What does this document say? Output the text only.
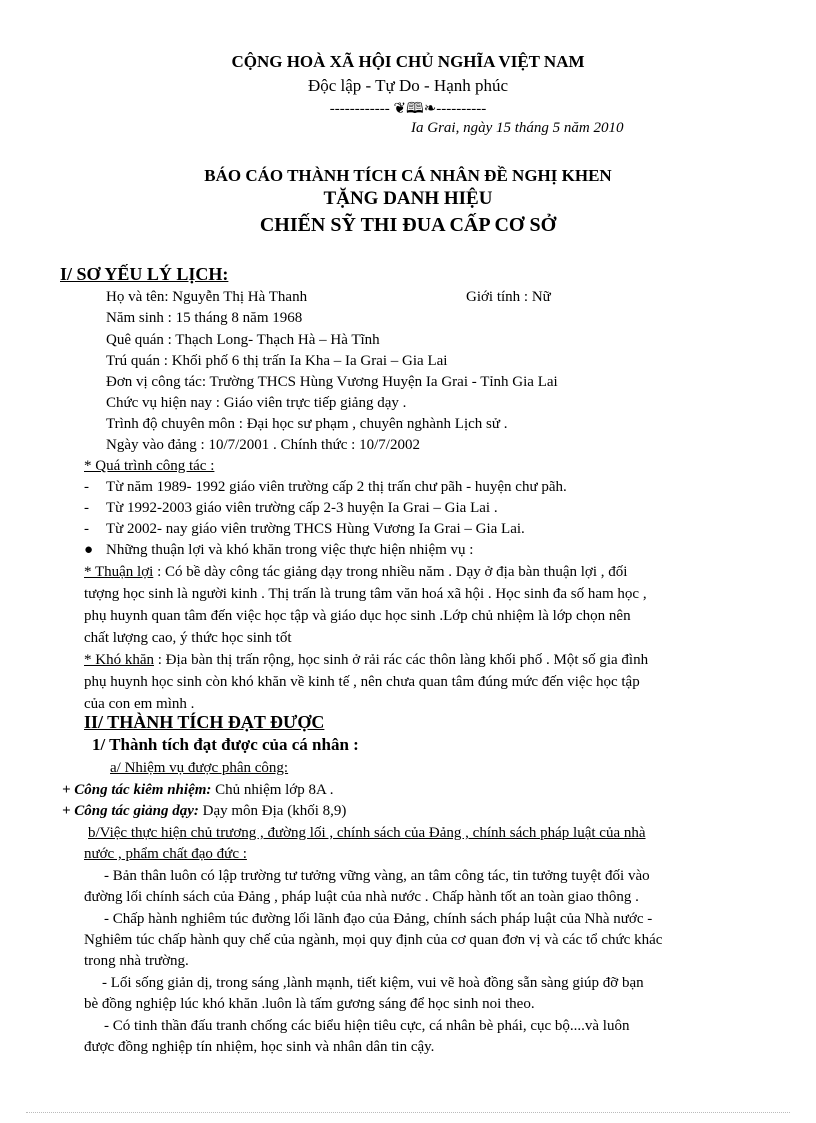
CỘNG HOÀ XÃ HỘI CHỦ NGHĨA VIỆT NAM
Độc lập - Tự Do - Hạnh phúc
------------ ❦🕮❧----------
Ia Grai, ngày 15 tháng 5 năm 2010
BÁO CÁO THÀNH TÍCH CÁ NHÂN ĐỀ NGHỊ KHEN
TẶNG DANH HIỆU
CHIẾN SỸ THI ĐUA CẤP CƠ SỞ
I/ SƠ YẾU LÝ LỊCH:
Họ và tên: Nguyễn Thị Hà Thanh	Giới tính : Nữ
Năm sinh : 15 tháng 8 năm 1968
Quê quán : Thạch Long- Thạch Hà – Hà Tĩnh
Trú quán : Khối phố 6 thị trấn Ia Kha – Ia Grai – Gia Lai
Đơn vị công tác: Trường THCS Hùng Vương Huyện Ia Grai - Tỉnh Gia Lai
Chức vụ hiện nay : Giáo viên trực tiếp giảng dạy .
Trình độ chuyên môn : Đại học sư phạm , chuyên nghành Lịch sử .
Ngày vào đảng : 10/7/2001 . Chính thức : 10/7/2002
* Quá trình công tác :
- Từ năm 1989- 1992 giáo viên trường cấp 2 thị trấn chư pãh - huyện chư pãh.
- Từ 1992-2003 giáo viên trường cấp 2-3 huyện Ia Grai – Gia Lai .
- Từ 2002- nay giáo viên trường THCS Hùng Vương Ia Grai – Gia Lai.
● Những thuận lợi và khó khăn trong việc thực hiện nhiệm vụ :
* Thuận lợi : Có bề dày công tác giảng dạy trong nhiều năm . Dạy ở địa bàn thuận lợi , đối
tượng học sinh là người kinh . Thị trấn là trung tâm văn hoá xã hội . Học sinh đa số ham học ,
phụ huynh quan tâm đến việc học tập và giáo dục học sinh .Lớp chủ nhiệm là lớp chọn nên
chất lượng cao, ý thức học sinh tốt
* Khó khăn : Địa bàn thị trấn rộng, học sinh ở rải rác các thôn làng khối phố . Một số gia đình
phụ huynh học sinh còn khó khăn về kinh tế , nên chưa quan tâm đúng mức đến việc học tập
của con em mình .
II/ THÀNH TÍCH ĐẠT ĐƯỢC
1/ Thành tích đạt được của cá nhân :
a/ Nhiệm vụ được phân công:
+ Công tác kiêm nhiệm: Chủ nhiệm lớp 8A .
+ Công tác giảng dạy: Dạy môn Địa (khối 8,9)
b/Việc thực hiện chủ trương , đường lối , chính sách của Đảng , chính sách pháp luật của nhà
nước , phẩm chất đạo đức :
- Bản thân luôn có lập trường tư tưởng vững vàng, an tâm công tác, tin tưởng tuyệt đối vào
đường lối chính sách của Đảng , pháp luật của nhà nước . Chấp hành tốt an toàn giao thông .
- Chấp hành nghiêm túc đường lối lãnh đạo của Đảng, chính sách pháp luật của Nhà nước -
Nghiêm túc chấp hành quy chế của ngành, mọi quy định của cơ quan đơn vị và các tổ chức khác
trong nhà trường.
- Lối sống giản dị, trong sáng ,lành mạnh, tiết kiệm, vui vẽ hoà đồng sẵn sàng giúp đỡ bạn
bè đồng nghiệp lúc khó khăn .luôn là tấm gương sáng để học sinh noi theo.
- Có tinh thần đấu tranh chống các biểu hiện tiêu cực, cá nhân bè phái, cục bộ....và luôn
được đồng nghiệp tín nhiệm, học sinh và nhân dân tin cậy.
